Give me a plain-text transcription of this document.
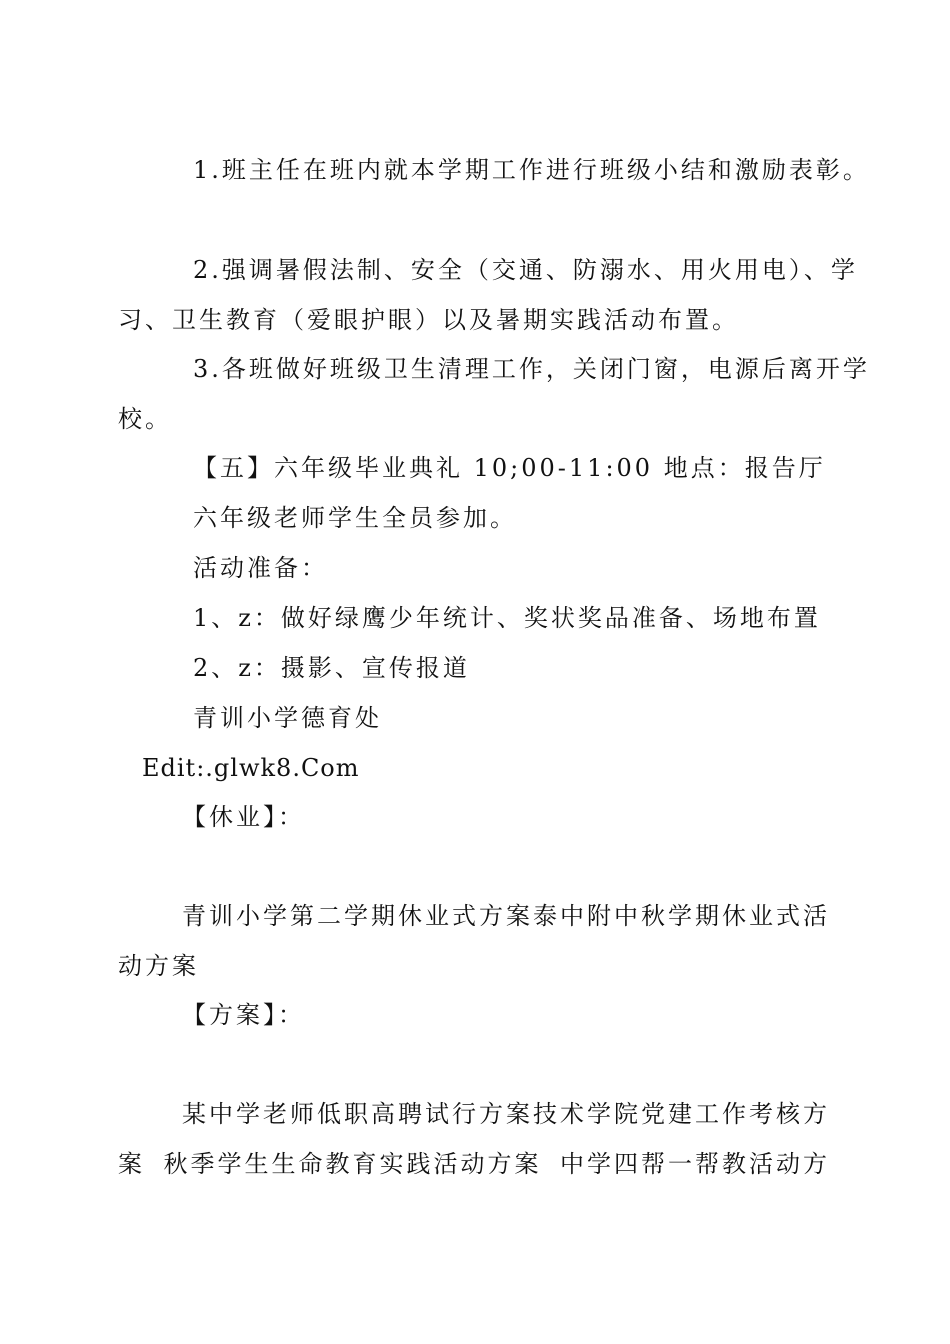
1.班主任在班内就本学期工作进行班级小结和激励表彰。
2.强调暑假法制、安全（交通、防溺水、用火用电）、学
习、卫生教育（爱眼护眼）以及暑期实践活动布置。
3.各班做好班级卫生清理工作，关闭门窗，电源后离开学
校。
【五】六年级毕业典礼 10;00-11:00 地点：报告厅
六年级老师学生全员参加。
活动准备：
1、z：做好绿鹰少年统计、奖状奖品准备、场地布置
2、z：摄影、宣传报道
青训小学德育处
Edit:.glwk8.Com
【休业】：
青训小学第二学期休业式方案 泰中附中秋学期休业式活
动方案
【方案】：
某中学老师低职高聘试行方案 技术学院党建工作考核方
案 秋季学生生命教育实践活动方案 中学四帮一帮教活动方
